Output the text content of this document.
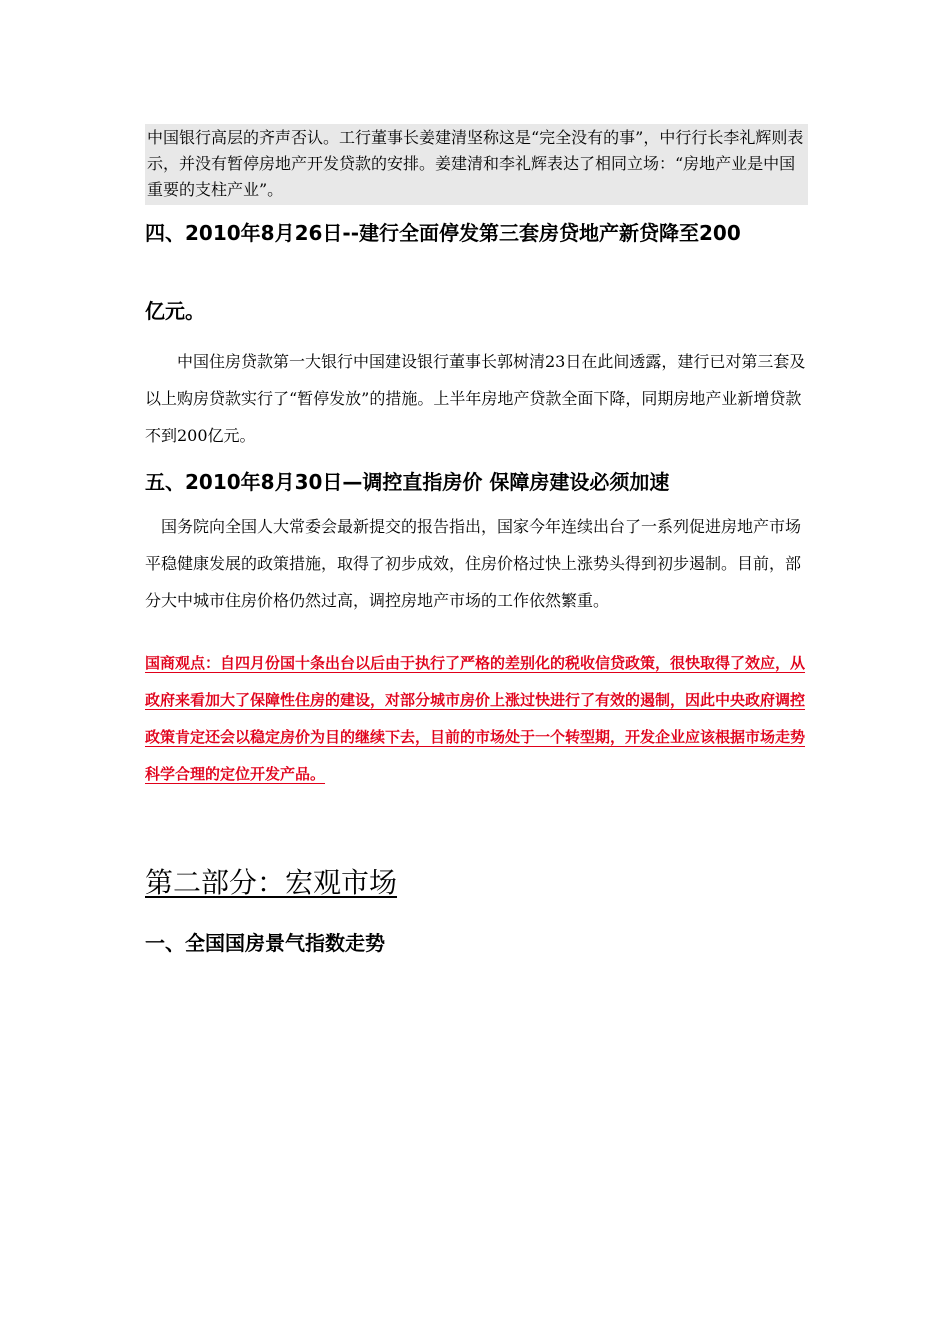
中国银行高层的齐声否认。工行董事长姜建清坚称这是“完全没有的事”，中行行长李礼辉则表示，并没有暂停房地产开发贷款的安排。姜建清和李礼辉表达了相同立场：“房地产业是中国重要的支柱产业”。

四、2010年8月26日--建行全面停发第三套房贷地产新贷降至200

亿元。

中国住房贷款第一大银行中国建设银行董事长郭树清23日在此间透露，建行已对第三套及以上购房贷款实行了“暂停发放”的措施。上半年房地产贷款全面下降，同期房地产业新增贷款不到200亿元。

五、2010年8月30日—调控直指房价 保障房建设必须加速

国务院向全国人大常委会最新提交的报告指出，国家今年连续出台了一系列促进房地产市场平稳健康发展的政策措施，取得了初步成效，住房价格过快上涨势头得到初步遏制。目前，部分大中城市住房价格仍然过高，调控房地产市场的工作依然繁重。

国商观点：自四月份国十条出台以后由于执行了严格的差别化的税收信贷政策，很快取得了效应，从政府来看加大了保障性住房的建设，对部分城市房价上涨过快进行了有效的遏制，因此中央政府调控政策肯定还会以稳定房价为目的继续下去，目前的市场处于一个转型期，开发企业应该根据市场走势科学合理的定位开发产品。

第二部分：宏观市场

一、全国国房景气指数走势
